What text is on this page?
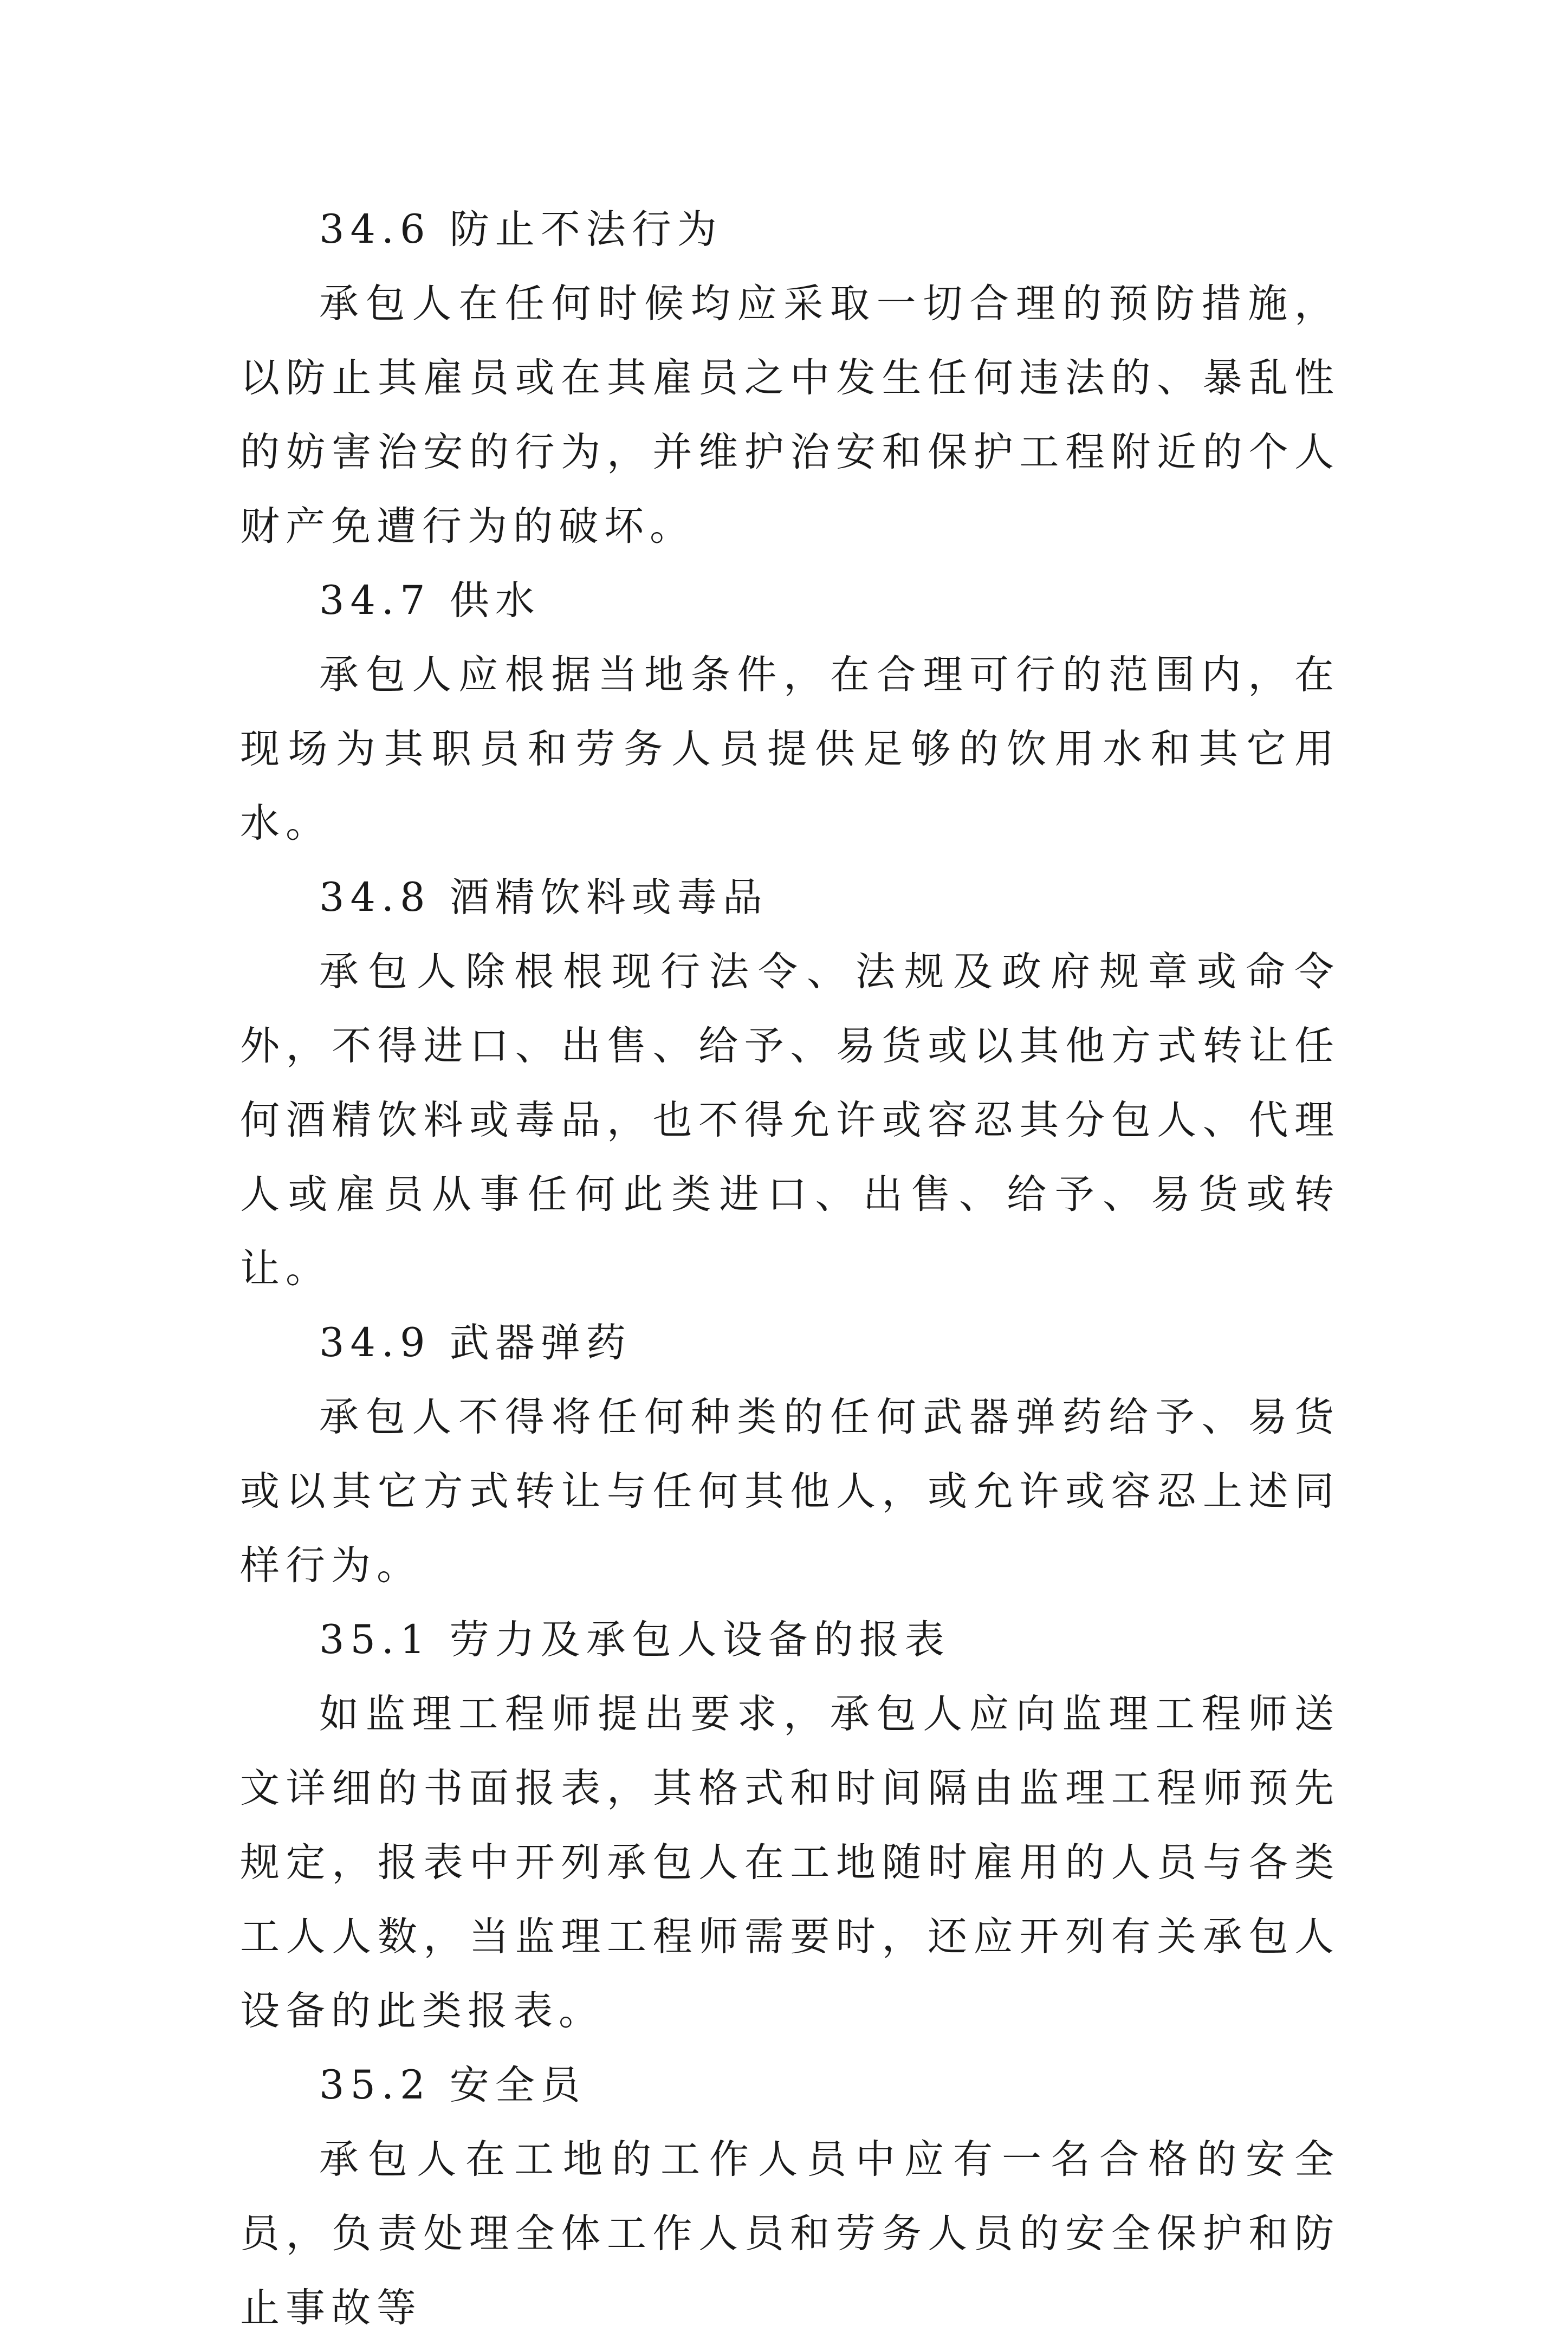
34.6 防止不法行为

承包人在任何时候均应采取一切合理的预防措施，以防止其雇员或在其雇员之中发生任何违法的、暴乱性的妨害治安的行为，并维护治安和保护工程附近的个人财产免遭行为的破坏。

34.7 供水

承包人应根据当地条件，在合理可行的范围内，在现场为其职员和劳务人员提供足够的饮用水和其它用水。

34.8 酒精饮料或毒品

承包人除根根现行法令、法规及政府规章或命令外，不得进口、出售、给予、易货或以其他方式转让任何酒精饮料或毒品，也不得允许或容忍其分包人、代理人或雇员从事任何此类进口、出售、给予、易货或转让。

34.9 武器弹药

承包人不得将任何种类的任何武器弹药给予、易货或以其它方式转让与任何其他人，或允许或容忍上述同样行为。

35.1 劳力及承包人设备的报表

如监理工程师提出要求，承包人应向监理工程师送文详细的书面报表，其格式和时间隔由监理工程师预先规定，报表中开列承包人在工地随时雇用的人员与各类工人人数，当监理工程师需要时，还应开列有关承包人设备的此类报表。

35.2 安全员

承包人在工地的工作人员中应有一名合格的安全员，负责处理全体工作人员和劳务人员的安全保护和防止事故等
